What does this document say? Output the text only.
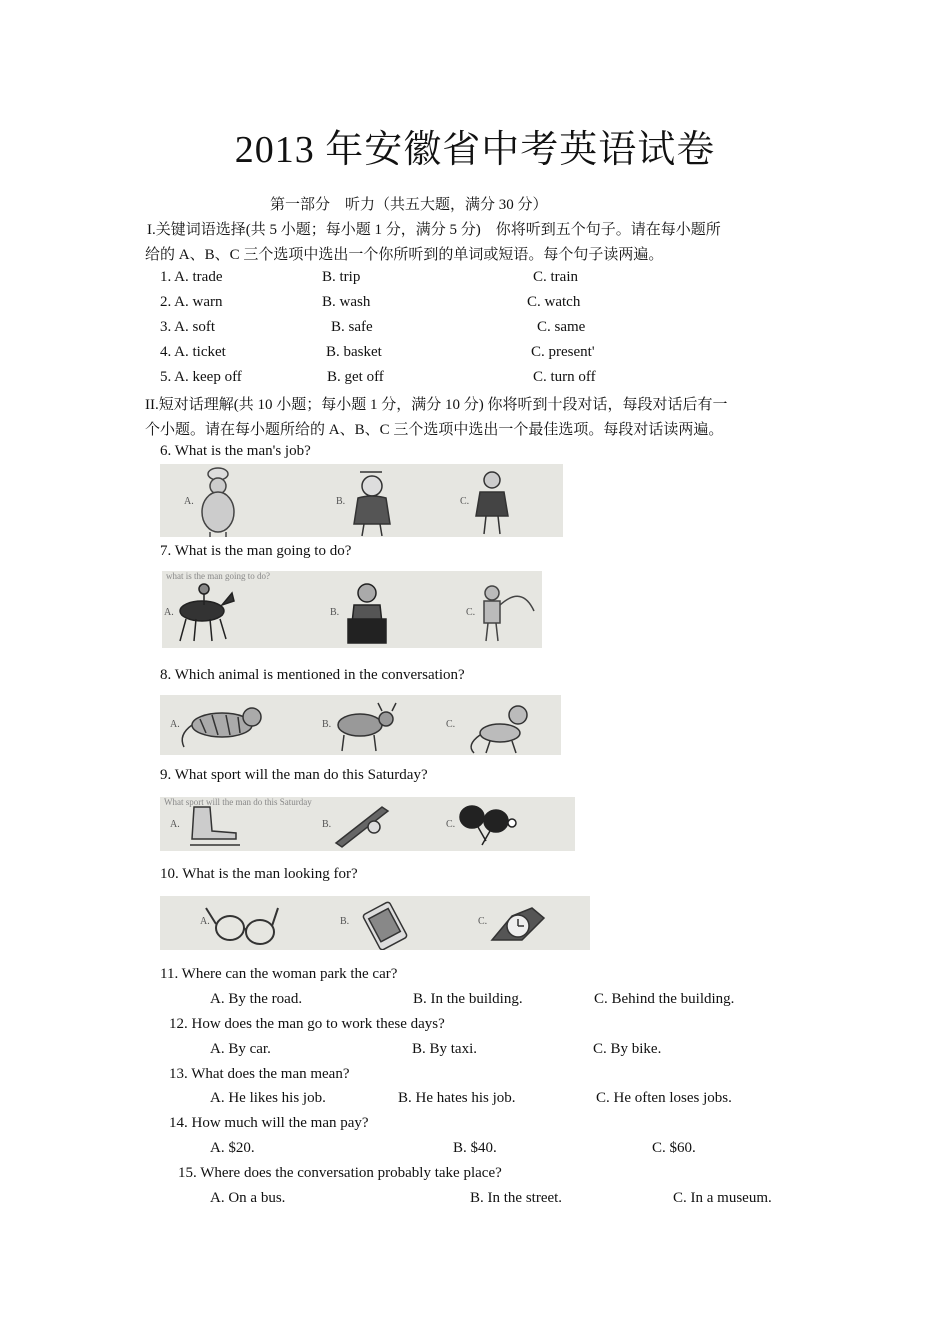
2013 年安徽省中考英语试卷
第一部分　听力（共五大题，满分 30 分）
I.关键词语选择(共 5 小题；每小题 1 分，满分 5 分)　你将听到五个句子。请在每小题所
给的 A、B、C 三个选项中选出一个你所听到的单词或短语。每个句子读两遍。
1. A. trade	B. trip	C. train
2. A. warn	B. wash	C. watch
3. A. soft	B. safe	C. same
4. A. ticket	B. basket	C. present'
5. A. keep off	B. get off	C. turn off
II.短对话理解(共 10 小题；每小题 1 分，满分 10 分) 你将听到十段对话，每段对话后有一
个小题。请在每小题所给的 A、B、C 三个选项中选出一个最佳选项。每段对话读两遍。
6. What is the man's job?
A.	B.	C.
7. What is the man going to do?
what is the man going to do?
A.	B.	C.
8. Which animal is mentioned in the conversation?
A.	B.	C.
9. What sport will the man do this Saturday?
What sport will the man do this Saturday
A.	B.	C.
10. What is the man looking for?
A.	B.	C.
11. Where can the woman park the car?
A. By the road.	B. In the building.	C. Behind the building.
12. How does the man go to work these days?
A. By car.	B. By taxi.	C. By bike.
13. What does the man mean?
A. He likes his job.	B. He hates his job.	C. He often loses jobs.
14. How much will the man pay?
A. $20.	B. $40.	C. $60.
15. Where does the conversation probably take place?
A. On a bus.	B. In the street.	C. In a museum.
